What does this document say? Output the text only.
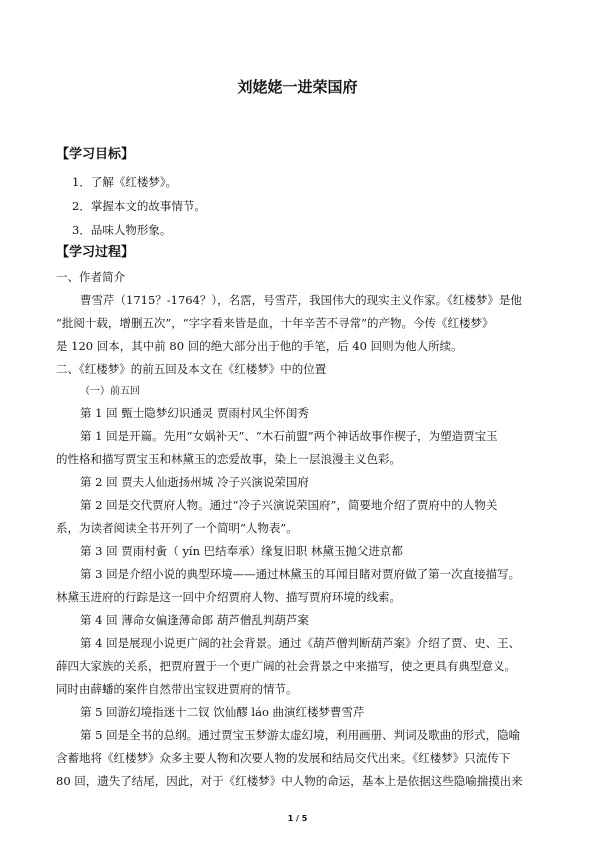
刘姥姥一进荣国府
【学习目标】
1．了解《红楼梦》。
2．掌握本文的故事情节。
3．品味人物形象。
【学习过程】
一、作者简介
曹雪芹（1715？-1764？），名霑，号雪芹，我国伟大的现实主义作家。《红楼梦》是他
“批阅十载，增删五次”，“字字看来皆是血，十年辛苦不寻常”的产物。今传《红楼梦》
是 120 回本，其中前 80 回的绝大部分出于他的手笔，后 40 回则为他人所续。
二、《红楼梦》的前五回及本文在《红楼梦》中的位置
（一）前五回
第 1 回 甄士隐梦幻识通灵 贾雨村风尘怀闺秀
第 1 回是开篇。先用“女娲补天”、“木石前盟”两个神话故事作楔子，为塑造贾宝玉
的性格和描写贾宝玉和林黛玉的恋爱故事，染上一层浪漫主义色彩。
第 2 回 贾夫人仙逝扬州城 冷子兴演说荣国府
第 2 回是交代贾府人物。通过“冷子兴演说荣国府”，简要地介绍了贾府中的人物关
系，为读者阅读全书开列了一个简明“人物表”。
第 3 回 贾雨村夤（ yín 巴结奉承）缘复旧职 林黛玉抛父进京都
第 3 回是介绍小说的典型环境——通过林黛玉的耳闻目睹对贾府做了第一次直接描写。
林黛玉进府的行踪是这一回中介绍贾府人物、描写贾府环境的线索。
第 4 回 薄命女偏逢薄命郎 葫芦僧乱判葫芦案
第 4 回是展现小说更广阔的社会背景。通过《葫芦僧判断葫芦案》介绍了贾、史、王、
薛四大家族的关系，把贾府置于一个更广阔的社会背景之中来描写，使之更具有典型意义。
同时由薛蟠的案件自然带出宝钗进贾府的情节。
第 5 回游幻境指迷十二钗 饮仙醪 láo 曲演红楼梦曹雪芹
第 5 回是全书的总纲。通过贾宝玉梦游太虚幻境，利用画册、判词及歌曲的形式，隐喻
含蓄地将《红楼梦》众多主要人物和次要人物的发展和结局交代出来。《红楼梦》只流传下
80 回，遗失了结尾，因此，对于《红楼梦》中人物的命运，基本上是依据这些隐喻揣摸出来
1 / 5
